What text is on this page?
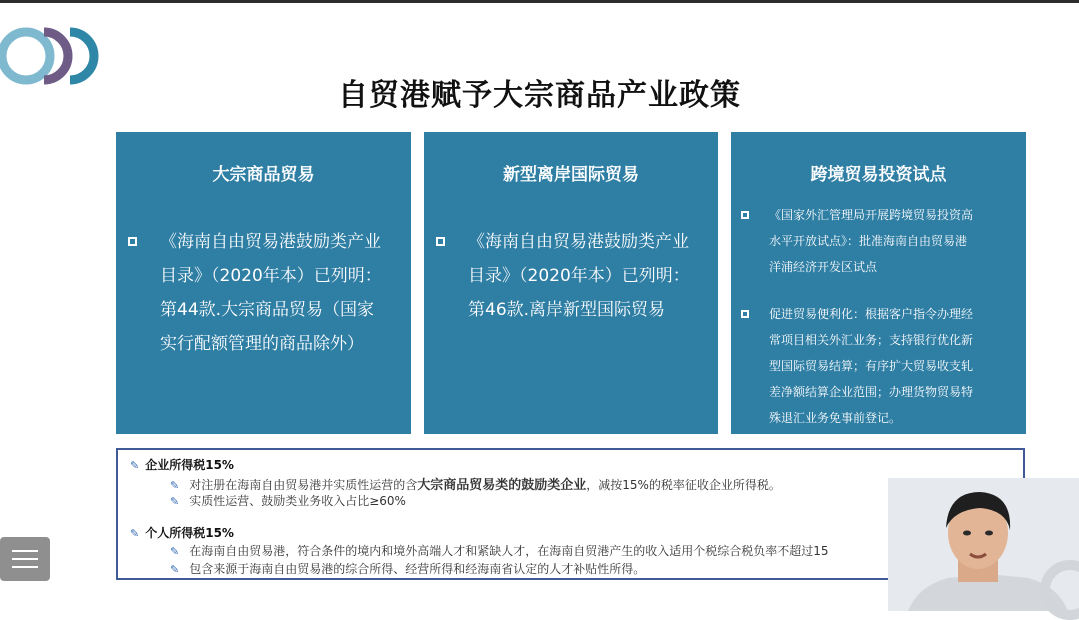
自贸港赋予大宗商品产业政策
大宗商品贸易
《海南自由贸易港鼓励类产业
目录》（2020年本）已列明：
第44款.大宗商品贸易（国家
实行配额管理的商品除外）
新型离岸国际贸易
《海南自由贸易港鼓励类产业
目录》（2020年本）已列明：
第46款.离岸新型国际贸易
跨境贸易投资试点
《国家外汇管理局开展跨境贸易投资高
水平开放试点》：批准海南自由贸易港
洋浦经济开发区试点
促进贸易便利化：根据客户指令办理经
常项目相关外汇业务；支持银行优化新
型国际贸易结算；有序扩大贸易收支轧
差净额结算企业范围；办理货物贸易特
殊退汇业务免事前登记。
✎ 企业所得税15%
✎ 对注册在海南自由贸易港并实质性运营的含大宗商品贸易类的鼓励类企业，减按15%的税率征收企业所得税。
✎ 实质性运营、鼓励类业务收入占比≥60%
✎ 个人所得税15%
✎ 在海南自由贸易港，符合条件的境内和境外高端人才和紧缺人才，在海南自贸港产生的收入适用个税综合税负率不超过15
✎ 包含来源于海南自由贸易港的综合所得、经营所得和经海南省认定的人才补贴性所得。
